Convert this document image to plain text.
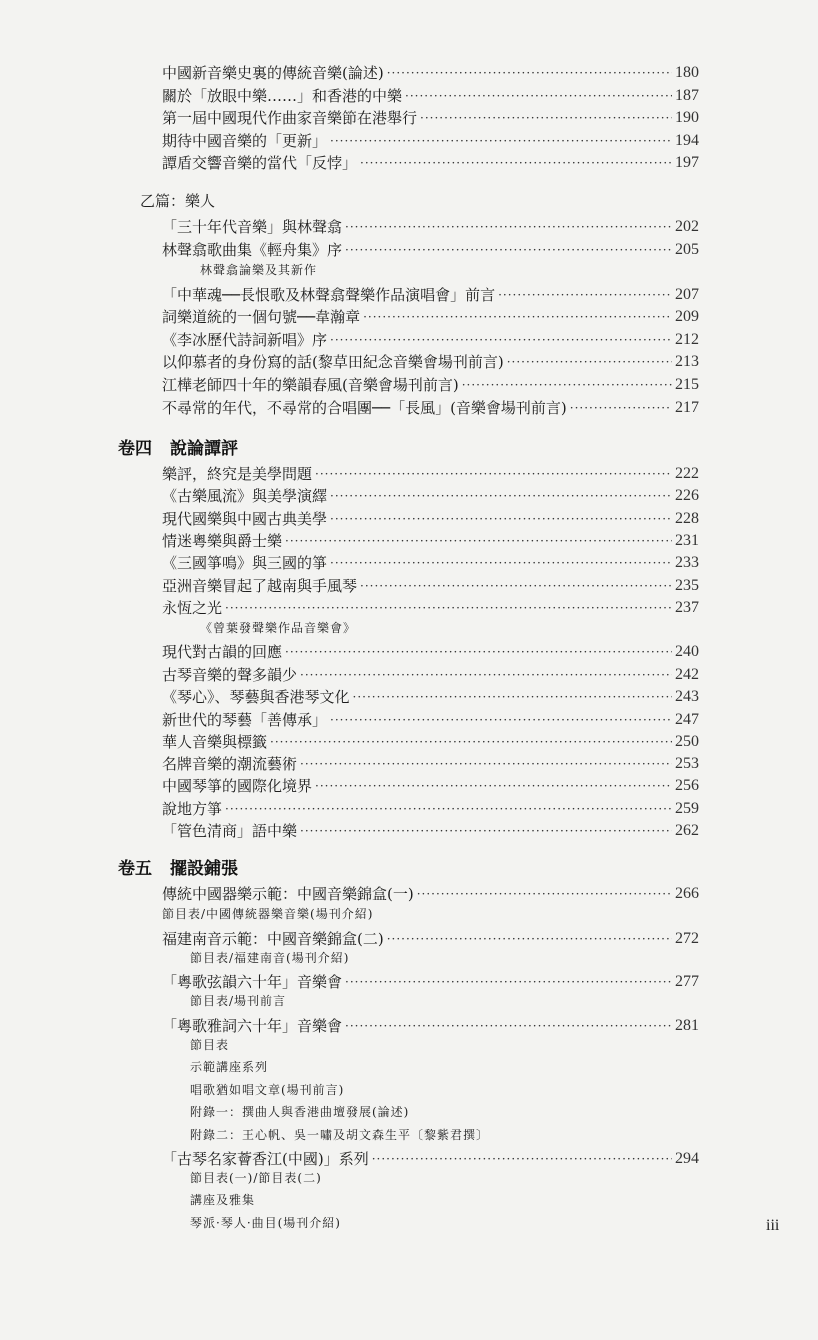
中國新音樂史裏的傳統音樂(論述) ·····	180
關於「放眼中樂……」和香港的中樂 ·····	187
第一屆中國現代作曲家音樂節在港舉行 ·····	190
期待中國音樂的「更新」 ·····	194
譚盾交響音樂的當代「反悖」 ·····	197
乙篇：樂人
「三十年代音樂」與林聲翕 ·····	202
林聲翕歌曲集《輕舟集》序 ·····	205
林聲翕論樂及其新作
「中華魂──長恨歌及林聲翕聲樂作品演唱會」前言 ·····	207
詞樂道統的一個句號──韋瀚章 ·····	209
《李冰歷代詩詞新唱》序 ·····	212
以仰慕者的身份寫的話(黎草田紀念音樂會場刊前言) ·····	213
江樺老師四十年的樂韻春風(音樂會場刊前言) ·····	215
不尋常的年代，不尋常的合唱團──「長風」(音樂會場刊前言) ·····	217
卷四 說論譚評
樂評，終究是美學問題 ·····	222
《古樂風流》與美學演繹 ·····	226
現代國樂與中國古典美學 ·····	228
情迷粵樂與爵士樂 ·····	231
《三國箏鳴》與三國的箏 ·····	233
亞洲音樂冒起了越南與手風琴 ·····	235
永恆之光 ·····	237
《曾葉發聲樂作品音樂會》
現代對古韻的回應 ·····	240
古琴音樂的聲多韻少 ·····	242
《琴心》、琴藝與香港琴文化 ·····	243
新世代的琴藝「善傳承」 ·····	247
華人音樂與標籤 ·····	250
名牌音樂的潮流藝術 ·····	253
中國琴箏的國際化境界 ·····	256
說地方箏 ·····	259
「管色清商」語中樂 ·····	262
卷五 擺設鋪張
傳統中國器樂示範：中國音樂錦盒(一) ·····	266
節目表/中國傳統器樂音樂(場刊介紹)
福建南音示範：中國音樂錦盒(二) ·····	272
節目表/福建南音(場刊介紹)
「粵歌弦韻六十年」音樂會 ·····	277
節目表/場刊前言
「粵歌雅詞六十年」音樂會 ·····	281
節目表
示範講座系列
唱歌猶如唱文章(場刊前言)
附錄一：撰曲人與香港曲壇發展(論述)
附錄二：王心帆、吳一嘯及胡文森生平〔黎紫君撰〕
「古琴名家薈香江(中國)」系列 ·····	294
節目表(一)/節目表(二)
講座及雅集
琴派·琴人·曲目(場刊介紹)	iii
